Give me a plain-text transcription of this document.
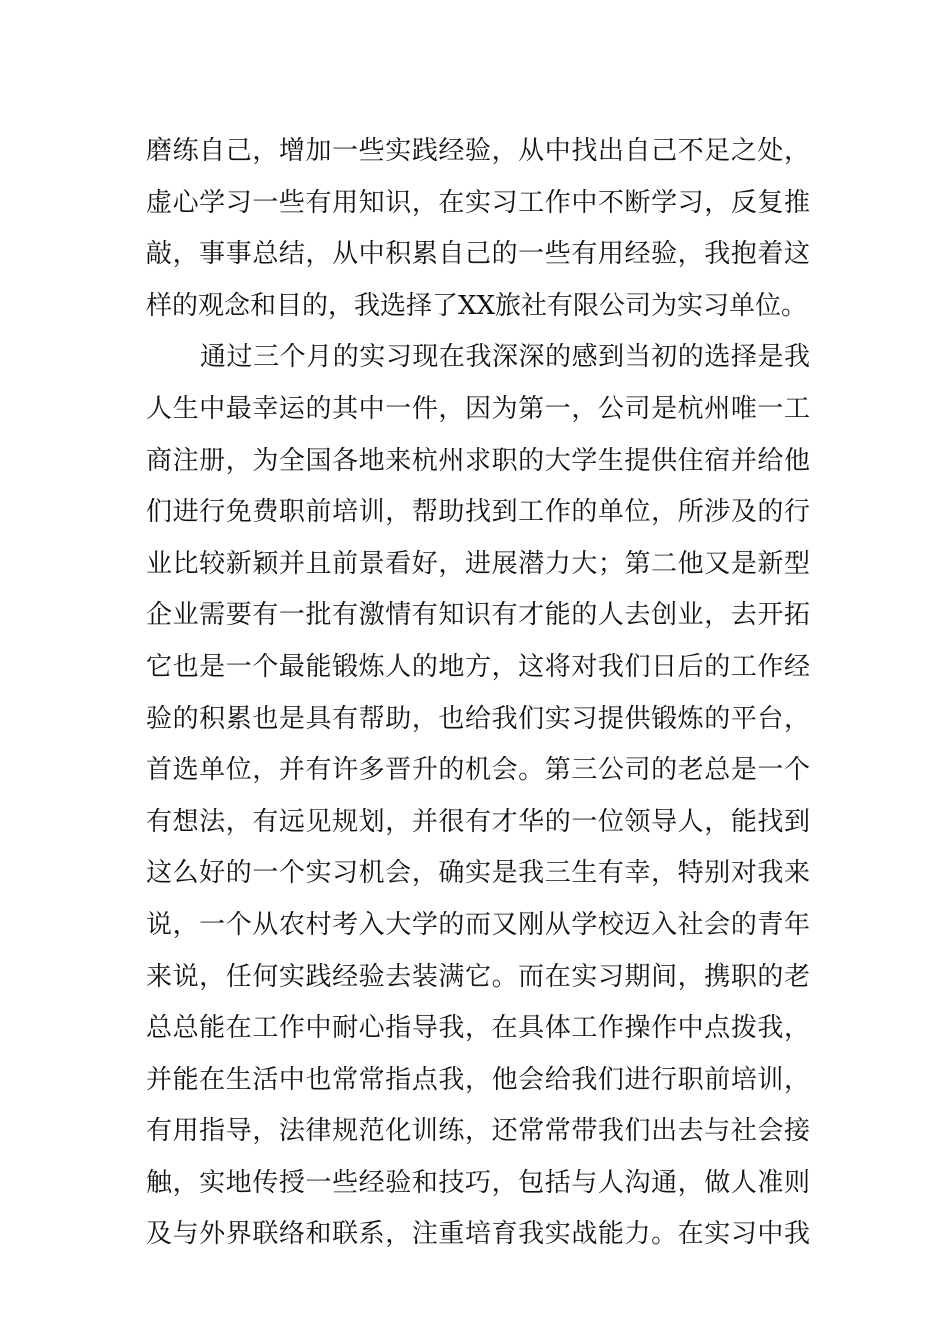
磨练自己，增加一些实践经验，从中找出自己不足之处，
虚心学习一些有用知识，在实习工作中不断学习，反复推
敲，事事总结，从中积累自己的一些有用经验，我抱着这
样的观念和目的，我选择了XX旅社有限公司为实习单位。
通过三个月的实习现在我深深的感到当初的选择是我
人生中最幸运的其中一件，因为第一，公司是杭州唯一工
商注册，为全国各地来杭州求职的大学生提供住宿并给他
们进行免费职前培训，帮助找到工作的单位，所涉及的行
业比较新颖并且前景看好，进展潜力大；第二他又是新型
企业需要有一批有激情有知识有才能的人去创业，去开拓
它也是一个最能锻炼人的地方，这将对我们日后的工作经
验的积累也是具有帮助，也给我们实习提供锻炼的平台，
首选单位，并有许多晋升的机会。第三公司的老总是一个
有想法，有远见规划，并很有才华的一位领导人，能找到
这么好的一个实习机会，确实是我三生有幸，特别对我来
说，一个从农村考入大学的而又刚从学校迈入社会的青年
来说，任何实践经验去装满它。而在实习期间，携职的老
总总能在工作中耐心指导我，在具体工作操作中点拨我，
并能在生活中也常常指点我，他会给我们进行职前培训，
有用指导，法律规范化训练，还常常带我们出去与社会接
触，实地传授一些经验和技巧，包括与人沟通，做人准则
及与外界联络和联系，注重培育我实战能力。在实习中我
